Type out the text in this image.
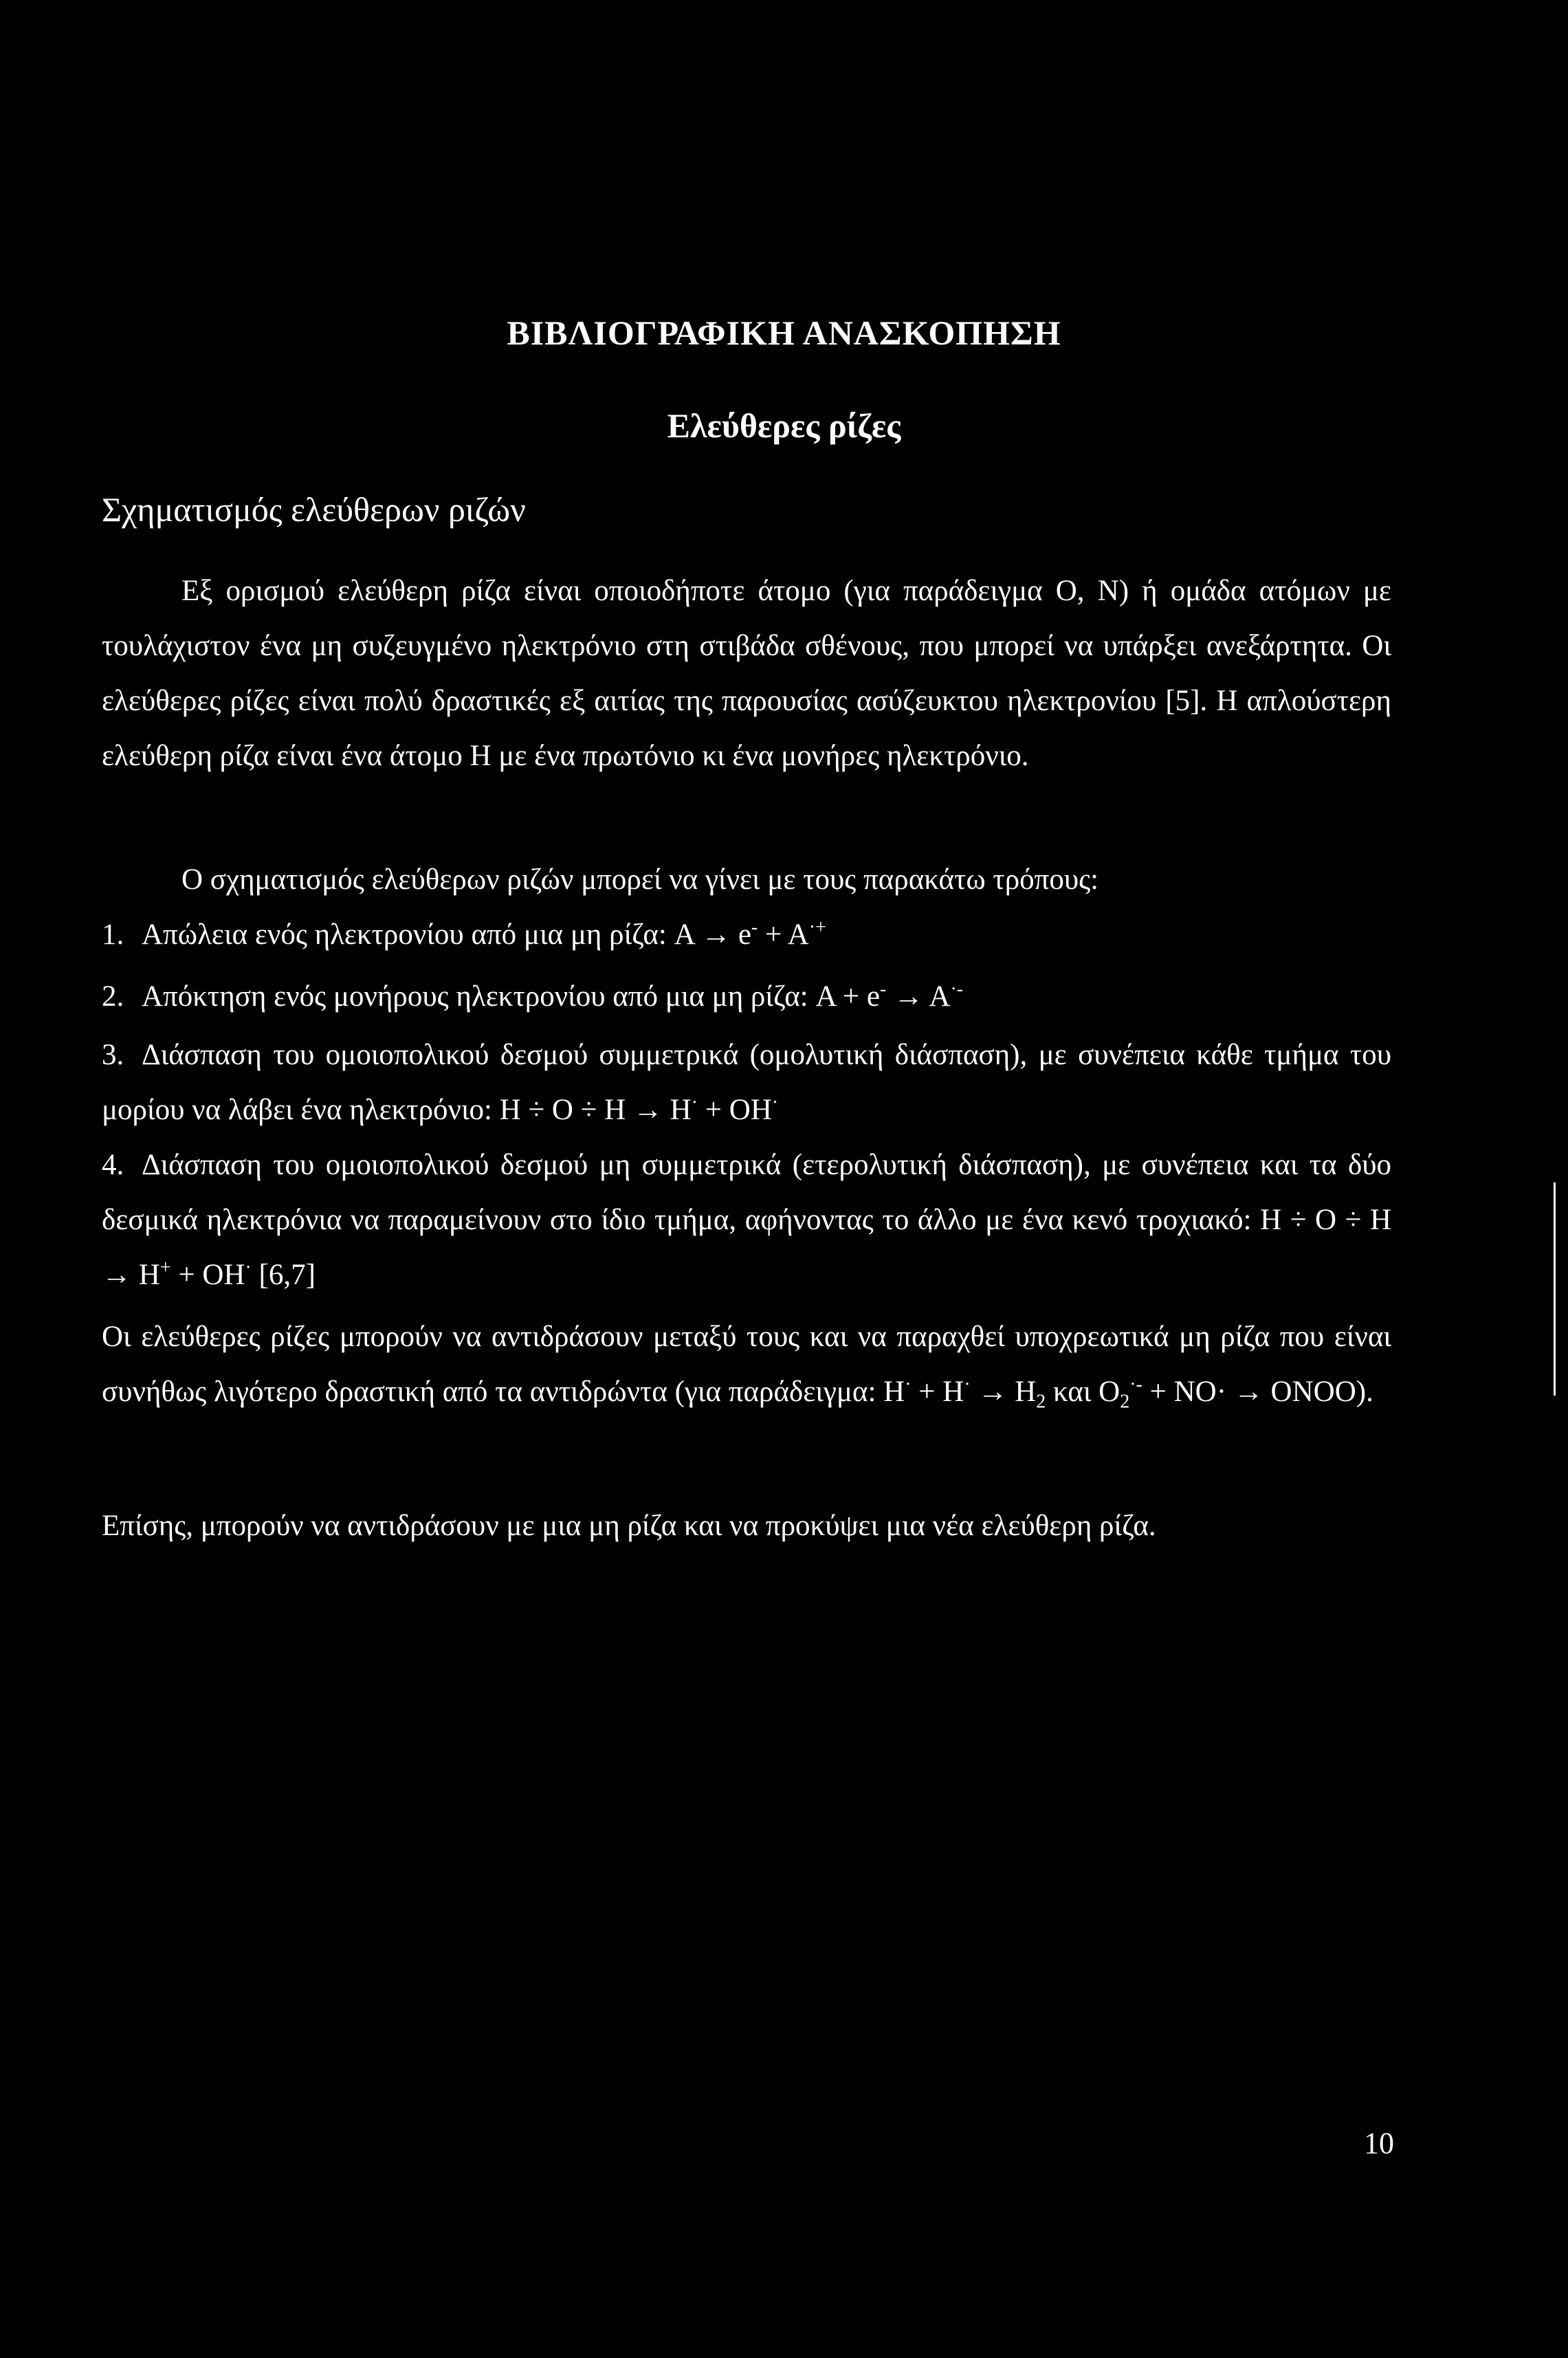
ΒΙΒΛΙΟΓΡΑΦΙΚΗ ΑΝΑΣΚΟΠΗΣΗ
Ελεύθερες ρίζες
Σχηματισμός ελεύθερων ριζών

Εξ ορισμού ελεύθερη ρίζα είναι οποιοδήποτε άτομο (για παράδειγμα O, N) ή ομάδα ατόμων με τουλάχιστον ένα μη συζευγμένο ηλεκτρόνιο στη στιβάδα σθένους, που μπορεί να υπάρξει ανεξάρτητα. Οι ελεύθερες ρίζες είναι πολύ δραστικές εξ αιτίας της παρουσίας ασύζευκτου ηλεκτρονίου [5]. Η απλούστερη ελεύθερη ρίζα είναι ένα άτομο Η με ένα πρωτόνιο κι ένα μονήρες ηλεκτρόνιο.

Ο σχηματισμός ελεύθερων ριζών μπορεί να γίνει με τους παρακάτω τρόπους:

1. Απώλεια ενός ηλεκτρονίου από μια μη ρίζα: A → e- + A·+

2. Απόκτηση ενός μονήρους ηλεκτρονίου από μια μη ρίζα: A + e- → A·-

3. Διάσπαση του ομοιοπολικού δεσμού συμμετρικά (ομολυτική διάσπαση), με συνέπεια κάθε τμήμα του μορίου να λάβει ένα ηλεκτρόνιο: H ÷ O ÷ H → H· + OH·

4. Διάσπαση του ομοιοπολικού δεσμού μη συμμετρικά (ετερολυτική διάσπαση), με συνέπεια και τα δύο δεσμικά ηλεκτρόνια να παραμείνουν στο ίδιο τμήμα, αφήνοντας το άλλο με ένα κενό τροχιακό: H ÷ O ÷ H → H+ + OH· [6,7]

Οι ελεύθερες ρίζες μπορούν να αντιδράσουν μεταξύ τους και να παραχθεί υποχρεωτικά μη ρίζα που είναι συνήθως λιγότερο δραστική από τα αντιδρώντα (για παράδειγμα: $H^\cdot + H^\cdot \to H_2$ και $O_2^{\cdot-} + NO\cdot$ → ONOO).

Επίσης, μπορούν να αντιδράσουν με μια μη ρίζα και να προκύψει μια νέα ελεύθερη ρίζα.

10
